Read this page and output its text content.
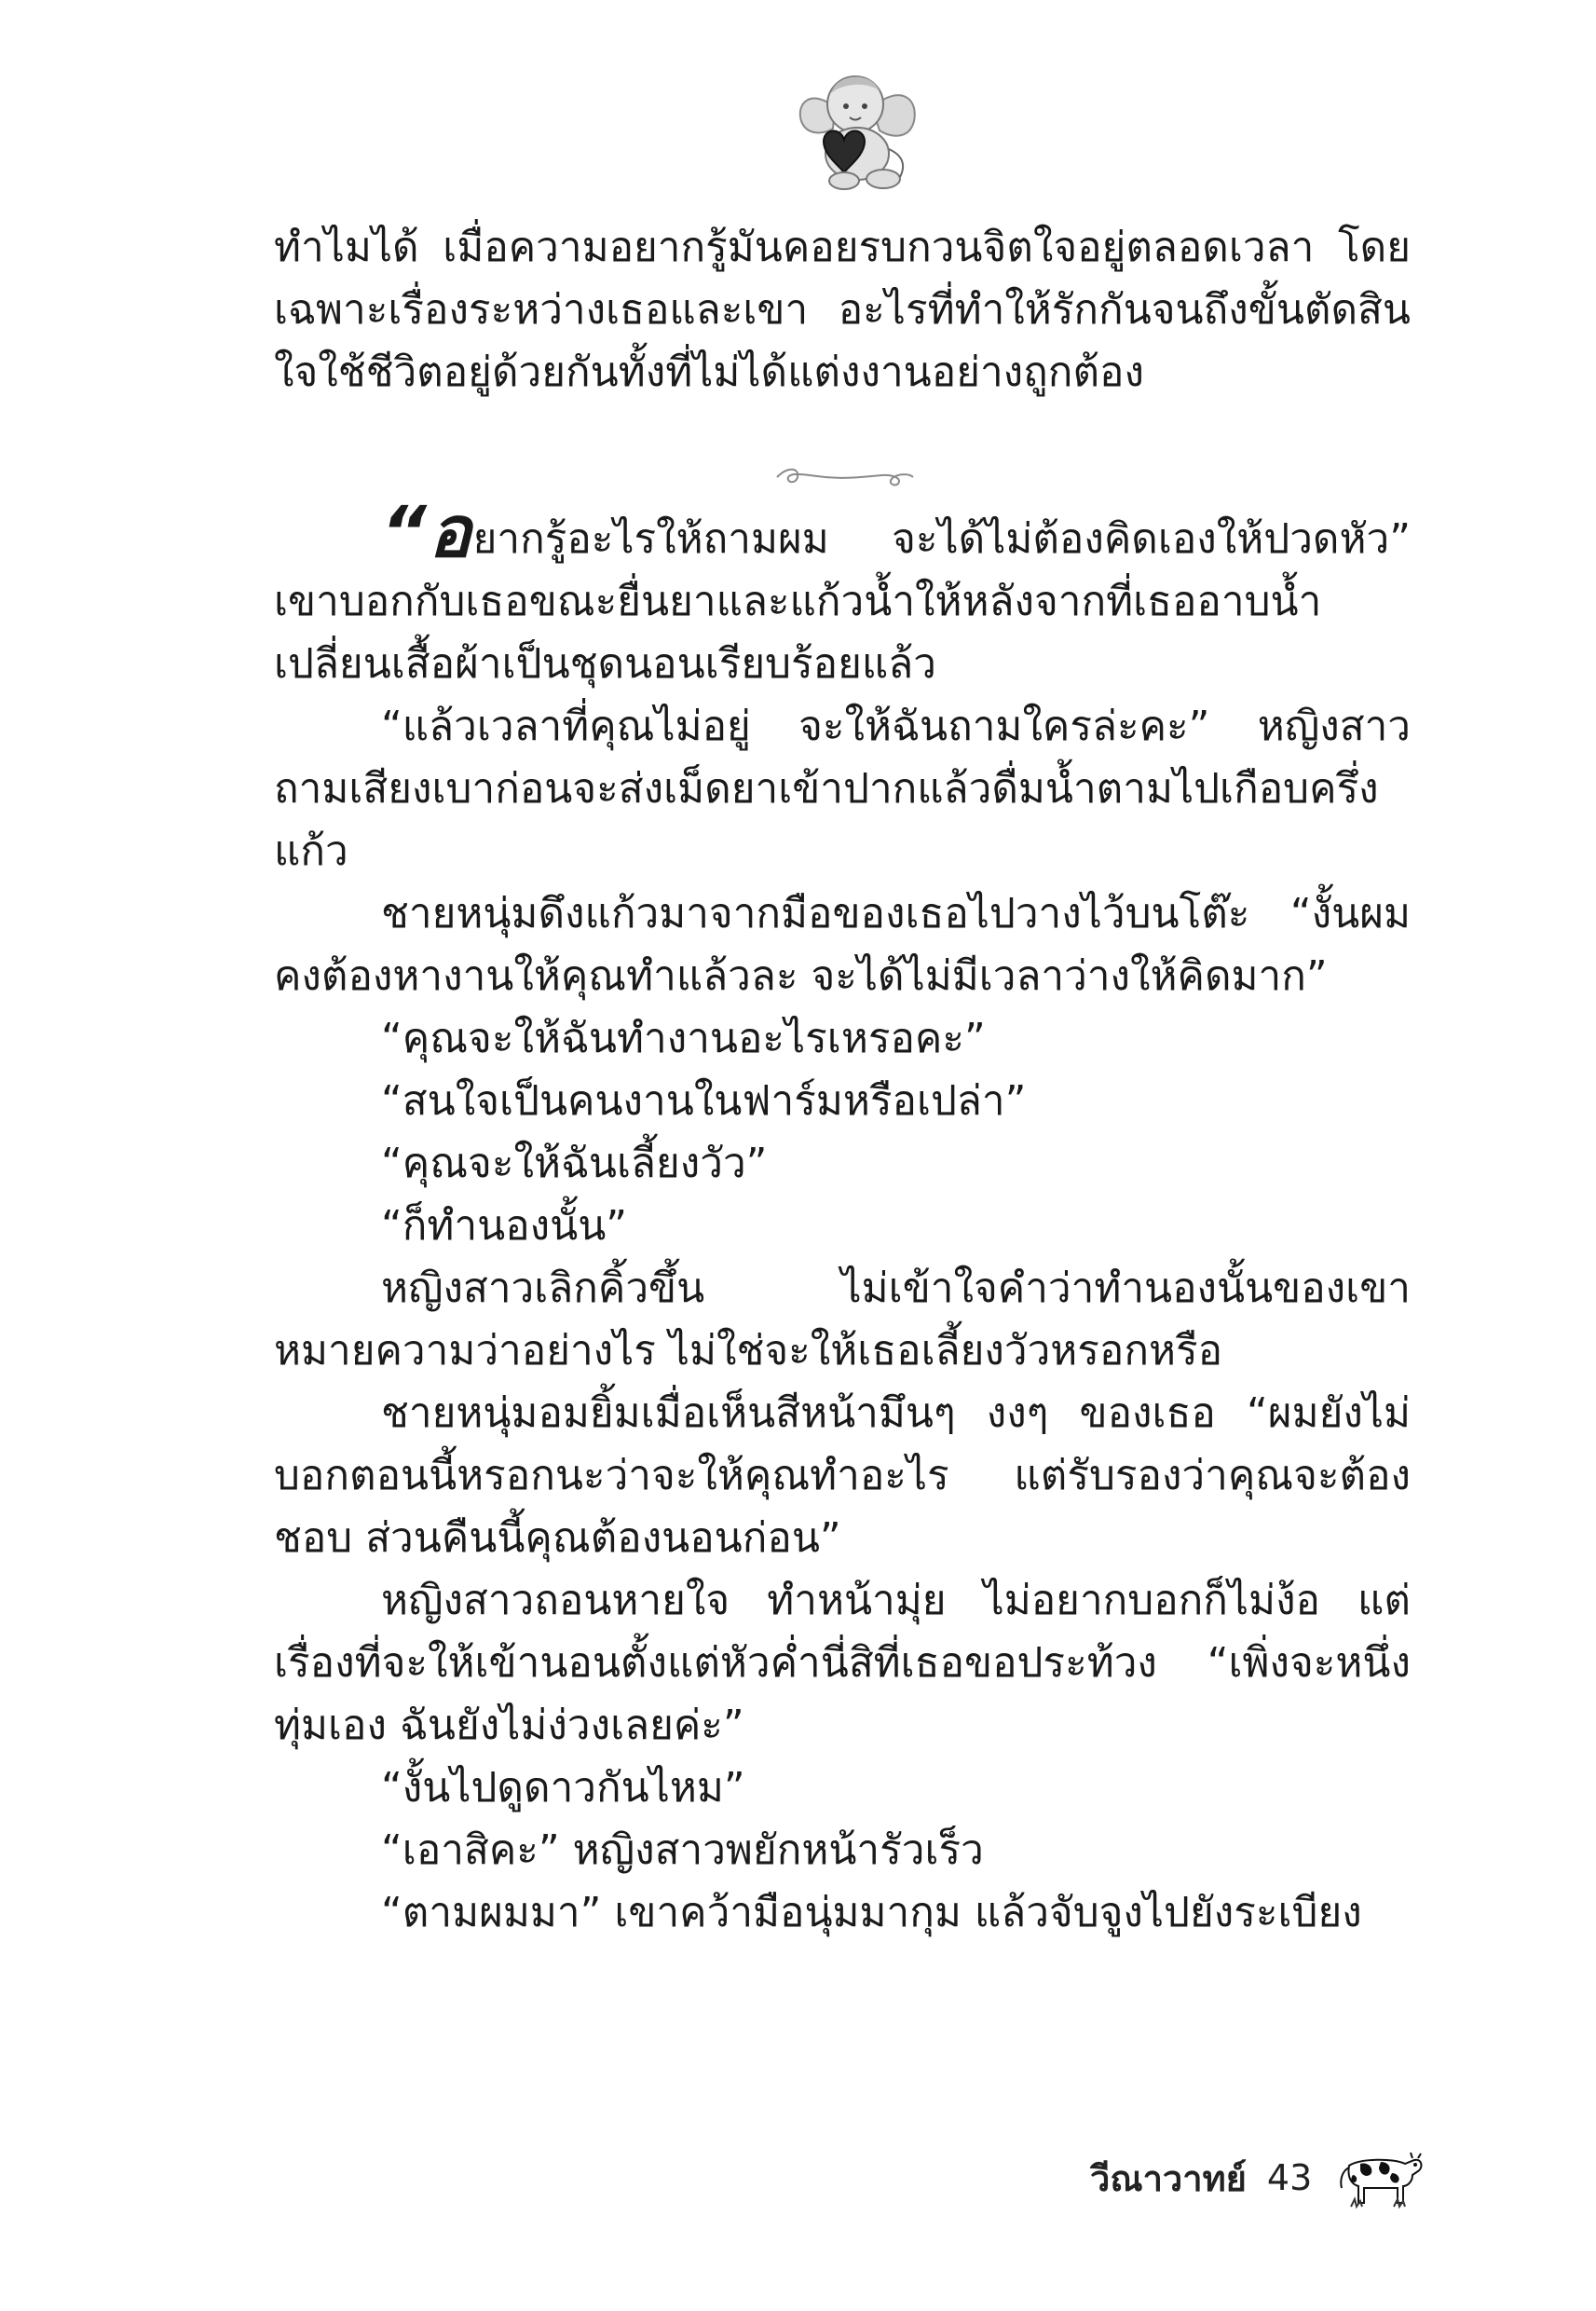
ทำไมได้ เมื่อความอยากรู้มันคอยรบกวนจิตใจอยู่ตลอดเวลา โดยเฉพาะเรื่องระหว่างเธอและเขา อะไรที่ทำให้รักกันจนถึงขั้นตัดสินใจใช้ชีวิตอยู่ด้วยกันทั้งที่ไม่ได้แต่งงานอย่างถูกต้อง

“อยากรู้อะไรให้ถามผม จะได้ไม่ต้องคิดเองให้ปวดหัว” เขาบอกกับเธอขณะยื่นยาและแก้วน้ำให้หลังจากที่เธออาบน้ำเปลี่ยนเสื้อผ้าเป็นชุดนอนเรียบร้อยแล้ว

“แล้วเวลาที่คุณไม่อยู่ จะให้ฉันถามใครล่ะคะ” หญิงสาวถามเสียงเบาก่อนจะส่งเม็ดยาเข้าปากแล้วดื่มน้ำตามไปเกือบครึ่งแก้ว

ชายหนุ่มดึงแก้วมาจากมือของเธอไปวางไว้บนโต๊ะ “งั้นผมคงต้องหางานให้คุณทำแล้วละ จะได้ไม่มีเวลาว่างให้คิดมาก”

“คุณจะให้ฉันทำงานอะไรเหรอคะ”

“สนใจเป็นคนงานในฟาร์มหรือเปล่า”

“คุณจะให้ฉันเลี้ยงวัว”

“ก็ทำนองนั้น”

หญิงสาวเลิกคิ้วขึ้น ไม่เข้าใจคำว่าทำนองนั้นของเขาหมายความว่าอย่างไร ไม่ใช่จะให้เธอเลี้ยงวัวหรอกหรือ

ชายหนุ่มอมยิ้มเมื่อเห็นสีหน้ามึนๆ งงๆ ของเธอ “ผมยังไม่บอกตอนนี้หรอกนะว่าจะให้คุณทำอะไร แต่รับรองว่าคุณจะต้องชอบ ส่วนคืนนี้คุณต้องนอนก่อน”

หญิงสาวถอนหายใจ ทำหน้ามุ่ย ไม่อยากบอกก็ไม่ง้อ แต่เรื่องที่จะให้เข้านอนตั้งแต่หัวค่ำนี่สิที่เธอขอประท้วง “เพิ่งจะหนึ่งทุ่มเอง ฉันยังไม่ง่วงเลยค่ะ”

“งั้นไปดูดาวกันไหม”

“เอาสิคะ” หญิงสาวพยักหน้ารัวเร็ว

“ตามผมมา” เขาคว้ามือนุ่มมากุม แล้วจับจูงไปยังระเบียง

วีณาวาทย์ 43
